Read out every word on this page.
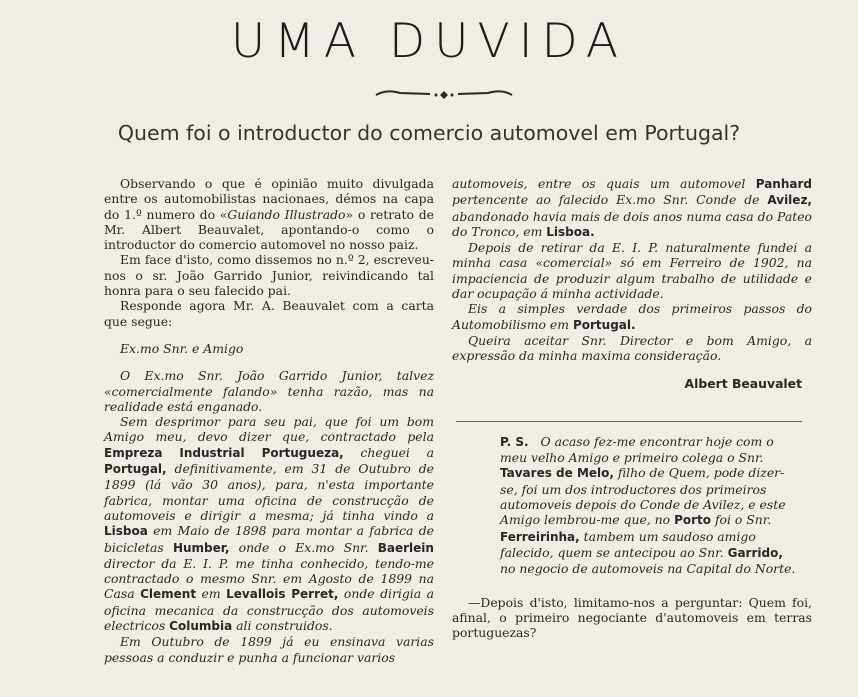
UMA DUVIDA
Quem foi o introductor do comercio automovel em Portugal?

Observando o que é opinião muito divulgada entre os automobilistas nacionaes, démos na capa do 1.º numero do «Guiando Illustrado» o retrato de Mr. Albert Beauvalet, apontando-o como o introductor do comercio automovel no nosso paiz.

Em face d'isto, como dissemos no n.º 2, escreveu-nos o sr. João Garrido Junior, reivindicando tal honra para o seu falecido pai.

Responde agora Mr. A. Beauvalet com a carta que segue:

Ex.mo Snr. e Amigo

O Ex.mo Snr. João Garrido Junior, talvez «comercialmente falando» tenha razão, mas na realidade está enganado.

Sem desprimor para seu pai, que foi um bom Amigo meu, devo dizer que, contractado pela Empreza Industrial Portugueza, cheguei a Portugal, definitivamente, em 31 de Outubro de 1899 (lá vão 30 anos), para, n'esta importante fabrica, montar uma oficina de construcção de automoveis e dirigir a mesma; já tinha vindo a Lisboa em Maio de 1898 para montar a fabrica de bicicletas Humber, onde o Ex.mo Snr. Baerlein director da E. I. P. me tinha conhecido, tendo-me contractado o mesmo Snr. em Agosto de 1899 na Casa Clement em Levallois Perret, onde dirigia a oficina mecanica da construcção dos automoveis electricos Columbia ali construidos.

Em Outubro de 1899 já eu ensinava varias pessoas a conduzir e punha a funcionar varios

automoveis, entre os quais um automovel Panhard pertencente ao falecido Ex.mo Snr. Conde de Avilez, abandonado havia mais de dois anos numa casa do Pateo do Tronco, em Lisboa.

Depois de retirar da E. I. P. naturalmente fundei a minha casa «comercial» só em Ferreiro de 1902, na impaciencia de produzir algum trabalho de utilidade e dar ocupação á minha actividade.

Eis a simples verdade dos primeiros passos do Automobilismo em Portugal.

Queira aceitar Snr. Director e bom Amigo, a expressão da minha maxima consideração.

Albert Beauvalet

P. S. O acaso fez-me encontrar hoje com o meu velho Amigo e primeiro colega o Snr. Tavares de Melo, filho de Quem, pode dizer-se, foi um dos introductores dos primeiros automoveis depois do Conde de Avilez, e este Amigo lembrou-me que, no Porto foi o Snr. Ferreirinha, tambem um saudoso amigo falecido, quem se antecipou ao Snr. Garrido, no negocio de automoveis na Capital do Norte.

—Depois d'isto, limitamo-nos a perguntar: Quem foi, afinal, o primeiro negociante d'automoveis em terras portuguezas?
